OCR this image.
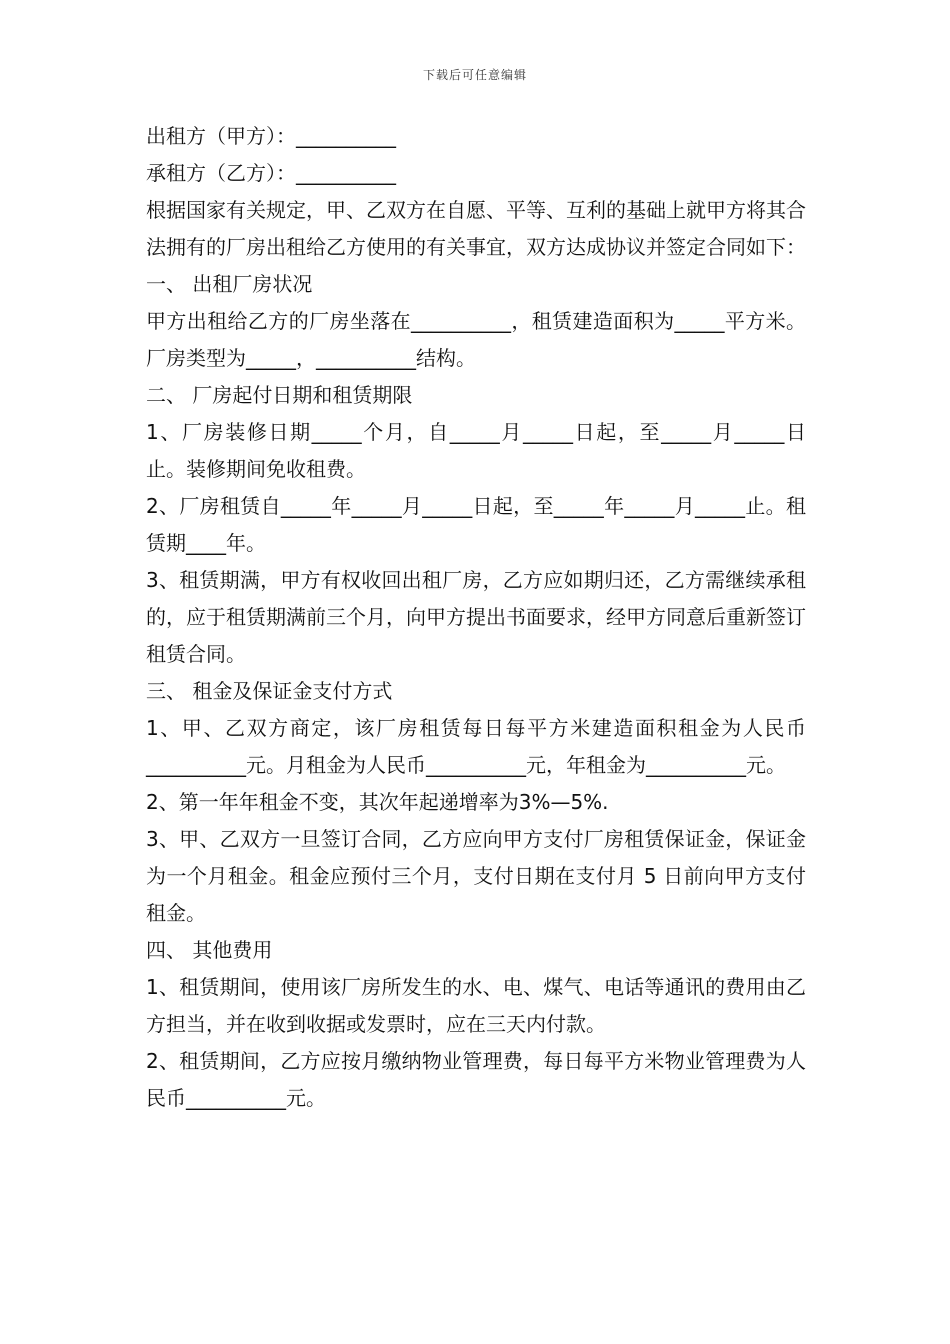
下载后可任意编辑

出租方（甲方）：__________

承租方（乙方）：__________

根据国家有关规定，甲、乙双方在自愿、平等、互利的基础上就甲方将其合法拥有的厂房出租给乙方使用的有关事宜，双方达成协议并签定合同如下：

一、 出租厂房状况

甲方出租给乙方的厂房坐落在__________，租赁建造面积为_____平方米。厂房类型为_____，__________结构。

二、 厂房起付日期和租赁期限

1、厂房装修日期_____个月，自_____月_____日起，至_____月_____日止。装修期间免收租费。

2、厂房租赁自_____年_____月_____日起，至_____年_____月_____止。租赁期____年。

3、租赁期满，甲方有权收回出租厂房，乙方应如期归还，乙方需继续承租的，应于租赁期满前三个月，向甲方提出书面要求，经甲方同意后重新签订租赁合同。

三、 租金及保证金支付方式

1、甲、乙双方商定，该厂房租赁每日每平方米建造面积租金为人民币__________元。月租金为人民币__________元，年租金为__________元。

2、第一年年租金不变，其次年起递增率为3%—5%.

3、甲、乙双方一旦签订合同，乙方应向甲方支付厂房租赁保证金，保证金为一个月租金。租金应预付三个月，支付日期在支付月 5 日前向甲方支付租金。

四、 其他费用

1、租赁期间，使用该厂房所发生的水、电、煤气、电话等通讯的费用由乙方担当，并在收到收据或发票时，应在三天内付款。

2、租赁期间，乙方应按月缴纳物业管理费，每日每平方米物业管理费为人民币__________元。
